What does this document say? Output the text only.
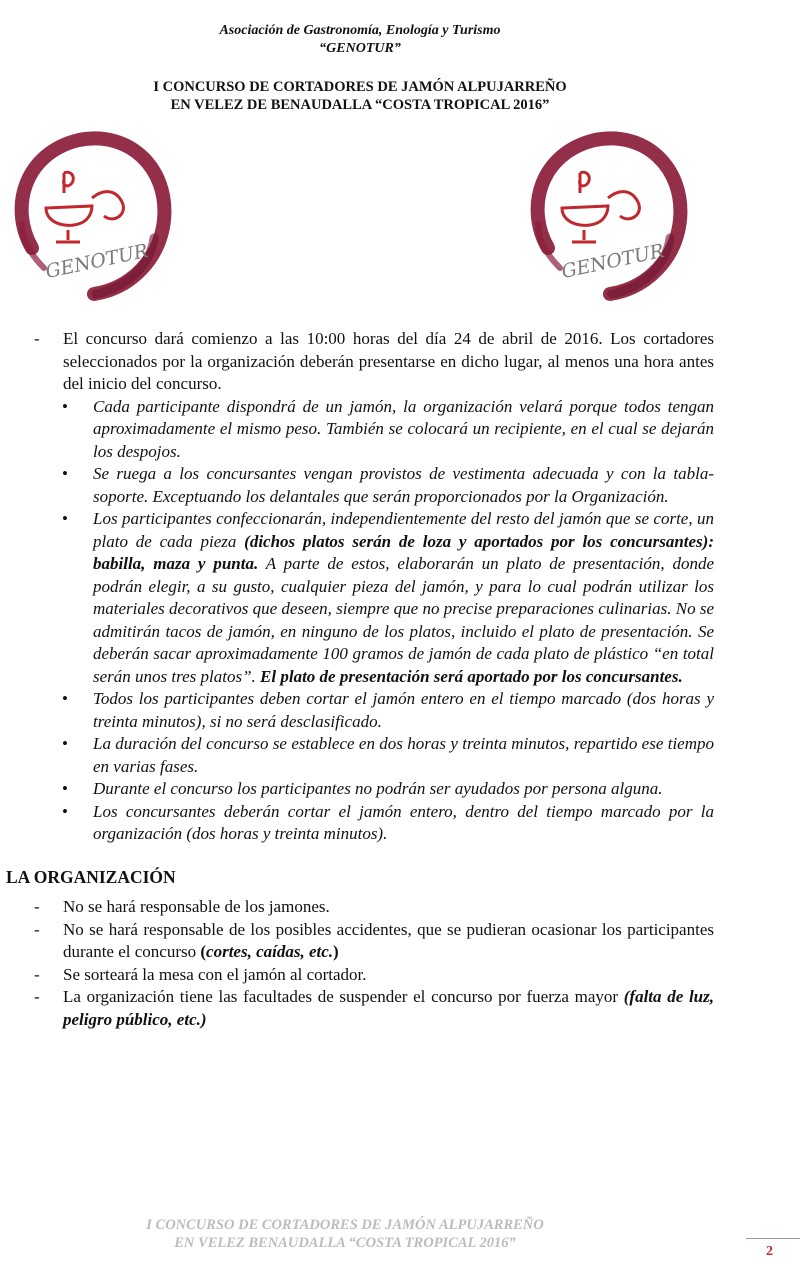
Asociación de Gastronomía, Enología y Turismo
“GENOTUR”
I CONCURSO DE CORTADORES DE JAMÓN ALPUJARREÑO
EN VELEZ DE BENAUDALLA “COSTA TROPICAL 2016”
GENOTUR	GENOTUR

- El concurso dará comienzo a las 10:00 horas del día 24 de abril de 2016. Los cortadores seleccionados por la organización deberán presentarse en dicho lugar, al menos una hora antes del inicio del concurso.

• Cada participante dispondrá de un jamón, la organización velará porque todos tengan aproximadamente el mismo peso. También se colocará un recipiente, en el cual se dejarán los despojos.
• Se ruega a los concursantes vengan provistos de vestimenta adecuada y con la tabla-soporte. Exceptuando los delantales que serán proporcionados por la Organización.
• Los participantes confeccionarán, independientemente del resto del jamón que se corte, un plato de cada pieza (dichos platos serán de loza y aportados por los concursantes): babilla, maza y punta. A parte de estos, elaborarán un plato de presentación, donde podrán elegir, a su gusto, cualquier pieza del jamón, y para lo cual podrán utilizar los materiales decorativos que deseen, siempre que no precise preparaciones culinarias. No se admitirán tacos de jamón, en ninguno de los platos, incluido el plato de presentación. Se deberán sacar aproximadamente 100 gramos de jamón de cada plato de plástico “en total serán unos tres platos”. El plato de presentación será aportado por los concursantes.
• Todos los participantes deben cortar el jamón entero en el tiempo marcado (dos horas y treinta minutos), si no será desclasificado.
• La duración del concurso se establece en dos horas y treinta minutos, repartido ese tiempo en varias fases.
• Durante el concurso los participantes no podrán ser ayudados por persona alguna.
• Los concursantes deberán cortar el jamón entero, dentro del tiempo marcado por la organización (dos horas y treinta minutos).
LA ORGANIZACIÓN

- No se hará responsable de los jamones.

- No se hará responsable de los posibles accidentes, que se pudieran ocasionar los participantes durante el concurso (cortes, caídas, etc.)

- Se sorteará la mesa con el jamón al cortador.

- La organización tiene las facultades de suspender el concurso por fuerza mayor (falta de luz, peligro público, etc.)

I CONCURSO DE CORTADORES DE JAMÓN ALPUJARREÑO
EN VELEZ BENAUDALLA “COSTA TROPICAL 2016”
2
